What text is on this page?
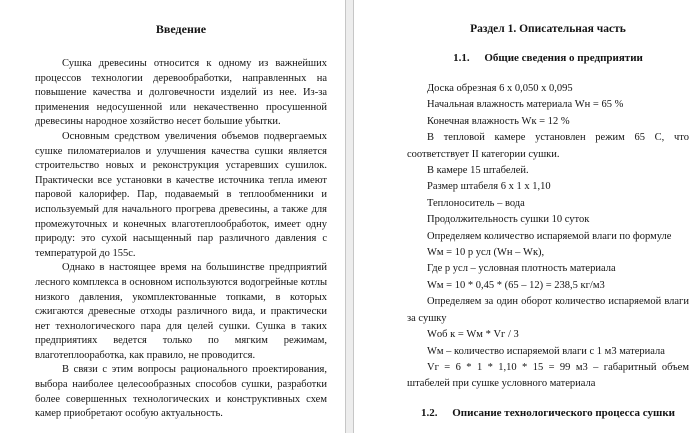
Введение

Сушка древесины относится к одному из важнейших процессов технологии деревообработки, направленных на повышение качества и долговечности изделий из нее. Из-за применения недосушенной или некачественно просушенной древесины народное хозяйство несет большие убытки.

Основным средством увеличения объемов подвергаемых сушке пиломатериалов и улучшения качества сушки является строительство новых и реконструкция устаревших сушилок. Практически все установки в качестве источника тепла имеют паровой калорифер. Пар, подаваемый в теплообменники и используемый для начального прогрева древесины, а также для промежуточных и конечных влаготеплообработок, имеет одну природу: это сухой насыщенный пар различного давления с температурой до 155с.

Однако в настоящее время на большинстве предприятий лесного комплекса в основном используются водогрейные котлы низкого давления, укомплектованные топками, в которых сжигаются древесные отходы различного вида, и практически нет технологического пара для целей сушки. Сушка в таких предприятиях ведется только по мягким режимам, влаготеплооработка, как правило, не проводится.

В связи с этим вопросы рационального проектирования, выбора наиболее целесообразных способов сушки, разработки более совершенных технологических и конструктивных схем камер приобретают особую актуальность.

Раздел 1. Описательная часть
1.1. Общие сведения о предприятии

Доска обрезная 6 х 0,050 х 0,095

Начальная влажность материала Wн = 65 %

Конечная влажность Wк = 12 %

В тепловой камере установлен режим 65 С, что соответствует II категории сушки.

В камере 15 штабелей.

Размер штабеля 6 х 1 х 1,10

Теплоноситель – вода

Продолжительность сушки 10 суток

Определяем количество испаряемой влаги по формуле

Wм = 10 р усл (Wн – Wк),

Где р усл – условная плотность материала

Wм = 10 * 0,45 * (65 – 12) = 238,5 кг/м3

Определяем за один оборот количество испаряемой влаги за сушку

Wоб к = Wм * Vг / 3

Wм – количество испаряемой влаги с 1 м3 материала

Vг = 6 * 1 * 1,10 * 15 = 99 м3 – габаритный объем штабелей при сушке условного материала

1.2. Описание технологического процесса сушки
